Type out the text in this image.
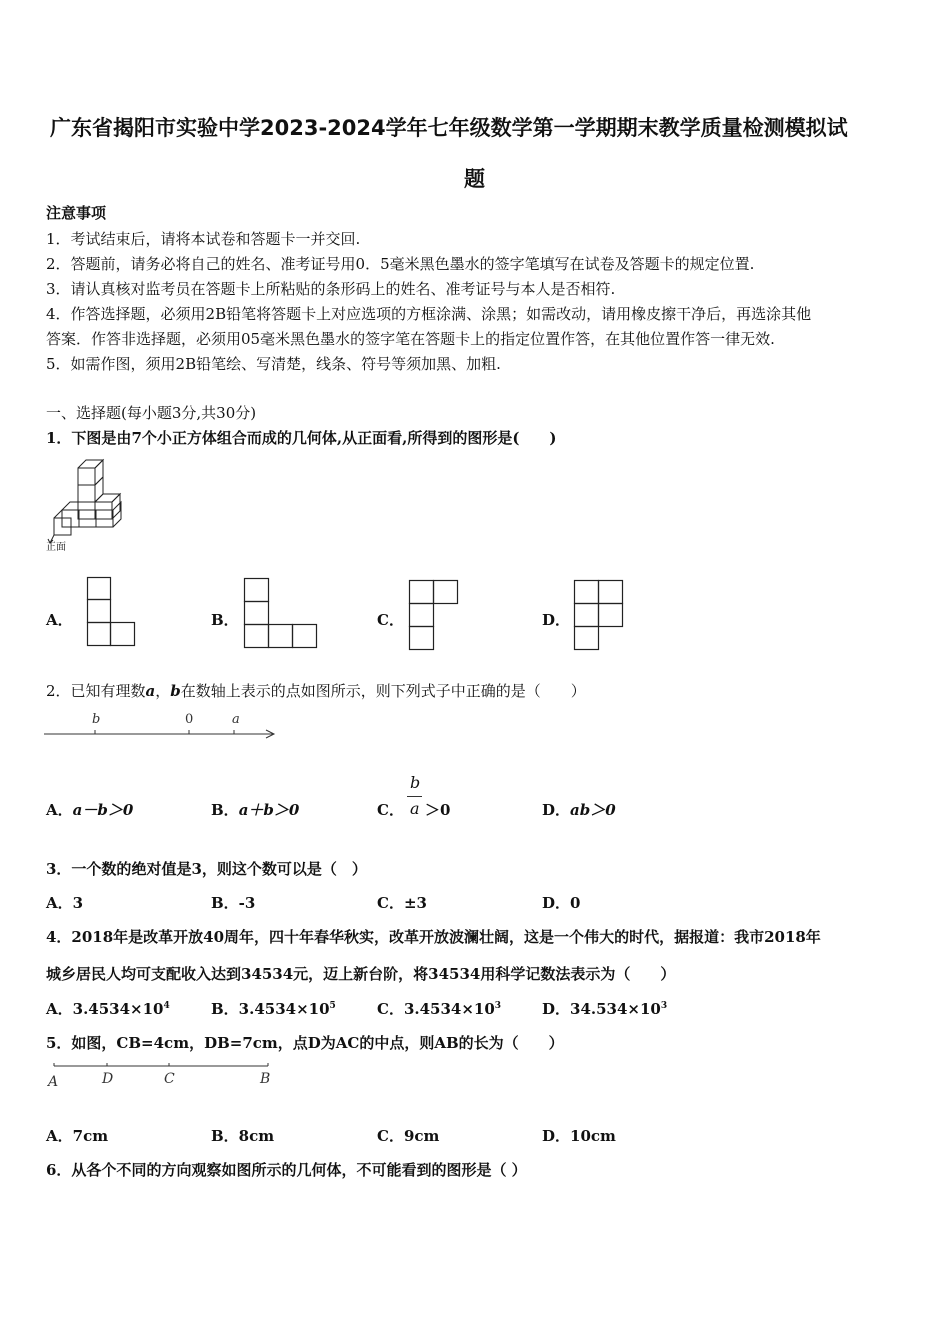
广东省揭阳市实验中学2023-2024学年七年级数学第一学期期末教学质量检测模拟试
题
注意事项
1．考试结束后，请将本试卷和答题卡一并交回.
2．答题前，请务必将自己的姓名、准考证号用0．5毫米黑色墨水的签字笔填写在试卷及答题卡的规定位置.
3．请认真核对监考员在答题卡上所粘贴的条形码上的姓名、准考证号与本人是否相符.
4．作答选择题，必须用2B铅笔将答题卡上对应选项的方框涂满、涂黑；如需改动，请用橡皮擦干净后，再选涂其他
答案．作答非选择题，必须用05毫米黑色墨水的签字笔在答题卡上的指定位置作答，在其他位置作答一律无效.
5．如需作图，须用2B铅笔绘、写清楚，线条、符号等须加黑、加粗.
一、选择题(每小题3分,共30分)
1．下图是由7个小正方体组合而成的几何体,从正面看,所得到的图形是(　　)
正面
A．	B．	C．	D．
2．已知有理数a，b在数轴上表示的点如图所示，则下列式子中正确的是（　　）
b	0	a
A．a－b＞0	B．a＋b＞0	C．
b
a ＞0	D．ab＞0
3．一个数的绝对值是3，则这个数可以是（　）
A．3	B．-3	C．±3	D．0
4．2018年是改革开放40周年，四十年春华秋实，改革开放波澜壮阔，这是一个伟大的时代，据报道：我市2018年
城乡居民人均可支配收入达到34534元，迈上新台阶，将34534用科学记数法表示为（　　）
A．$3.4534\times 10^4$	B．$3.4534\times 10^5$	C．$3.4534\times 10^3$	D．$34.534\times 10^3$
5．如图，CB=4cm，DB=7cm，点D为AC的中点，则AB的长为（　　）
A	D	C	B
A．7cm	B．8cm	C．9cm	D．10cm
6．从各个不同的方向观察如图所示的几何体，不可能看到的图形是（ ）
